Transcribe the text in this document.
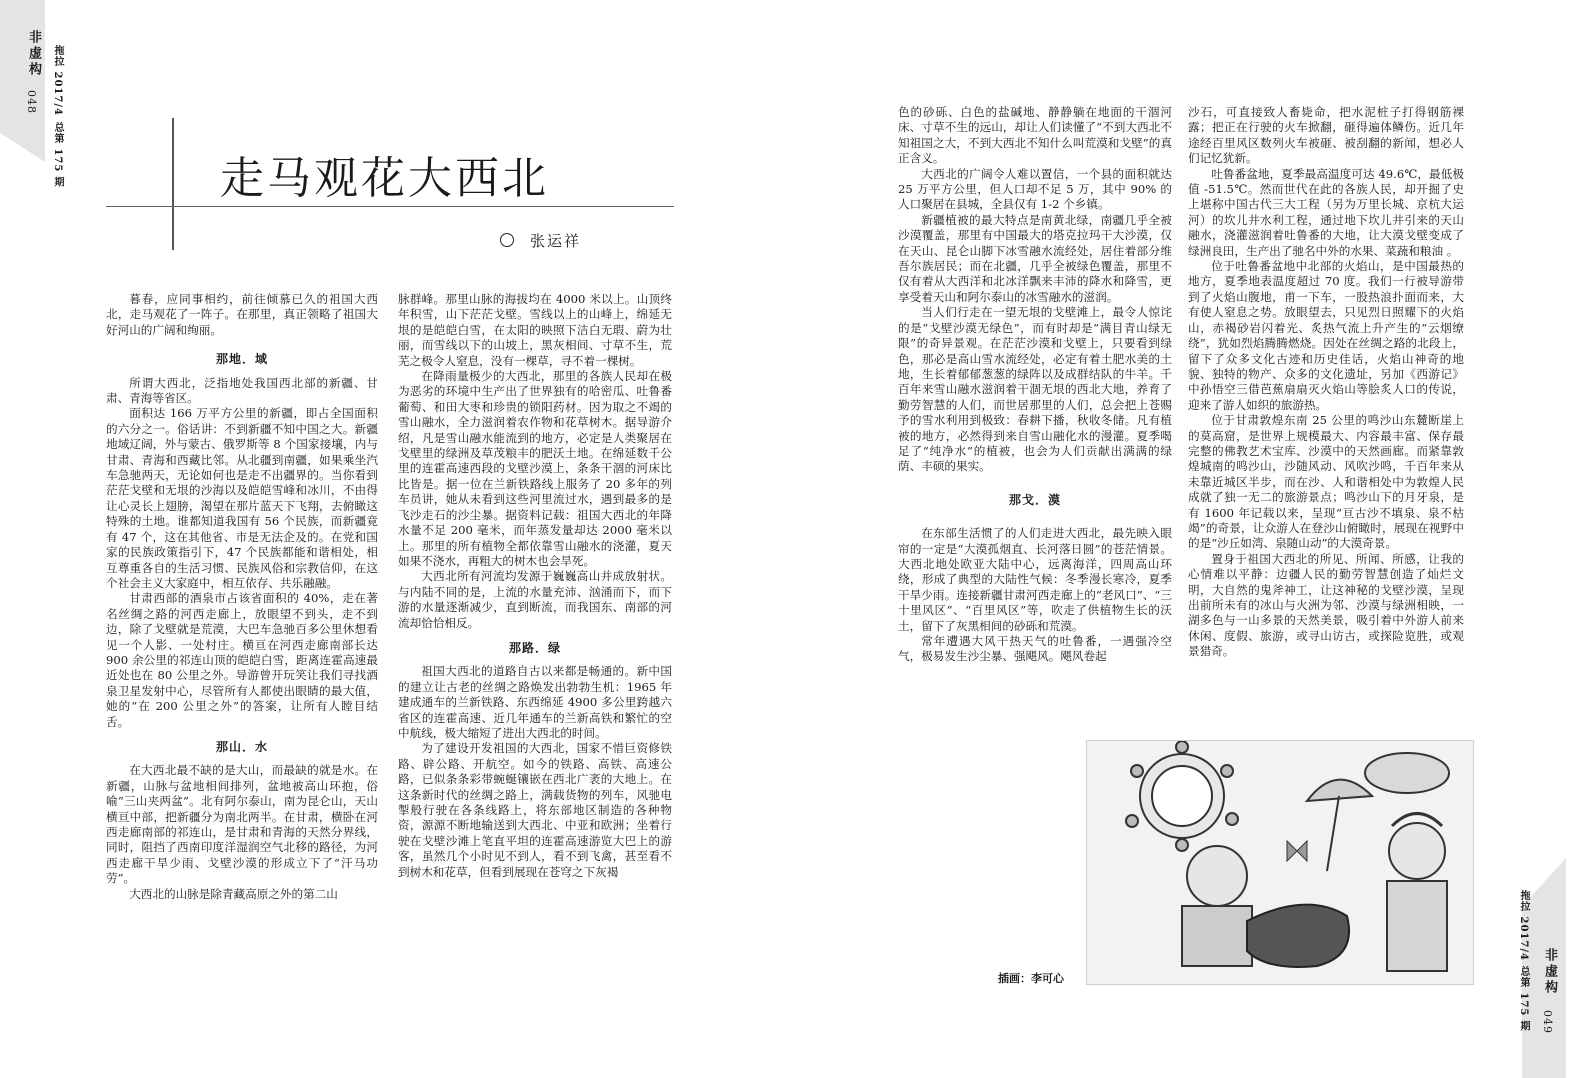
非虚构
048 拖拉 2017/4
总第 175 期	走马观花大西北
张运祥

暮春，应同事相约，前往倾慕已久的祖国大西北，走马观花了一阵子。在那里，真正领略了祖国大好河山的广阔和绚丽。

那地．域

所谓大西北，泛指地处我国西北部的新疆、甘肃、青海等省区。

面积达 166 万平方公里的新疆，即占全国面积的六分之一。俗话讲：不到新疆不知中国之大。新疆地域辽阔，外与蒙古、俄罗斯等 8 个国家接壤，内与甘肃、青海和西藏比邻。从北疆到南疆，如果乘坐汽车急驰两天，无论如何也是走不出疆界的。当你看到茫茫戈壁和无垠的沙海以及皑皑雪峰和冰川，不由得让心灵长上翅膀，渴望在那片蓝天下飞翔，去俯瞰这特殊的土地。谁都知道我国有 56 个民族，而新疆竟有 47 个，这在其他省、市是无法企及的。在党和国家的民族政策指引下，47 个民族都能和谐相处，相互尊重各自的生活习惯、民族风俗和宗教信仰，在这个社会主义大家庭中，相互依存、共乐融融。

甘肃西部的酒泉市占该省面积的 40%，走在著名丝绸之路的河西走廊上，放眼望不到头，走不到边，除了戈壁就是荒漠，大巴车急驰百多公里休想看见一个人影、一处村庄。横亘在河西走廊南部长达 900 余公里的祁连山顶的皑皑白雪，距离连霍高速最近处也在 80 公里之外。导游曾开玩笑让我们寻找酒泉卫星发射中心，尽管所有人都使出眼睛的最大值，她的“在 200 公里之外”的答案，让所有人瞠目结舌。

那山．水

在大西北最不缺的是大山，而最缺的就是水。在新疆，山脉与盆地相间排列，盆地被高山环抱，俗喻“三山夹两盆”。北有阿尔泰山，南为昆仑山，天山横亘中部，把新疆分为南北两半。在甘肃，横卧在河西走廊南部的祁连山，是甘肃和青海的天然分界线，同时，阻挡了西南印度洋湿润空气北移的路径，为河西走廊干旱少雨、戈壁沙漠的形成立下了“汗马功劳”。

大西北的山脉是除青藏高原之外的第二山

脉群峰。那里山脉的海拔均在 4000 米以上。山顶终年积雪，山下茫茫戈壁。雪线以上的山峰上，绵延无垠的是皑皑白雪，在太阳的映照下洁白无瑕、蔚为壮丽，而雪线以下的山坡上，黑灰相间、寸草不生，荒芜之极令人窒息，没有一棵草，寻不着一棵树。

在降雨量极少的大西北，那里的各族人民却在极为恶劣的环境中生产出了世界独有的哈密瓜、吐鲁番葡萄、和田大枣和珍贵的锁阳药材。因为取之不竭的雪山融水，全力滋润着农作物和花草树木。据导游介绍，凡是雪山融水能流到的地方，必定是人类聚居在戈壁里的绿洲及草茂粮丰的肥沃土地。在绵延数千公里的连霍高速西段的戈壁沙漠上，条条干涸的河床比比皆是。据一位在兰新铁路线上服务了 20 多年的列车员讲，她从未看到这些河里流过水，遇到最多的是飞沙走石的沙尘暴。据资料记载：祖国大西北的年降水量不足 200 毫米，而年蒸发量却达 2000 毫米以上。那里的所有植物全都依靠雪山融水的浇灌，夏天如果不浇水，再粗大的树木也会旱死。

大西北所有河流均发源于巍巍高山并成放射状。与内陆不同的是，上流的水量充沛、汹涌而下，而下游的水量逐渐减少，直到断流，而我国东、南部的河流却恰恰相反。

那路．绿

祖国大西北的道路自古以来都是畅通的。新中国的建立让古老的丝绸之路焕发出勃勃生机：1965 年建成通车的兰新铁路、东西绵延 4900 多公里跨越六省区的连霍高速、近几年通车的兰新高铁和繁忙的空中航线，极大缩短了进出大西北的时间。

为了建设开发祖国的大西北，国家不惜巨资修铁路、辟公路、开航空。如今的铁路、高铁、高速公路，已似条条彩带蜿蜒镶嵌在西北广袤的大地上。在这条新时代的丝绸之路上，满载货物的列车，风驰电掣般行驶在各条线路上，将东部地区制造的各种物资，源源不断地输送到大西北、中亚和欧洲；坐着行驶在戈壁沙滩上笔直平坦的连霍高速游览大巴上的游客，虽然几个小时见不到人，看不到飞禽，甚至看不到树木和花草，但看到展现在苍穹之下灰褐

色的砂砾、白色的盐碱地、静静躺在地面的干涸河床、寸草不生的远山，却让人们读懂了“不到大西北不知祖国之大，不到大西北不知什么叫荒漠和戈壁”的真正含义。

大西北的广阔令人难以置信，一个县的面积就达 25 万平方公里，但人口却不足 5 万，其中 90% 的人口聚居在县城，全县仅有 1-2 个乡镇。

新疆植被的最大特点是南黄北绿，南疆几乎全被沙漠覆盖，那里有中国最大的塔克拉玛干大沙漠，仅在天山、昆仑山脚下冰雪融水流经处，居住着部分维吾尔族居民；而在北疆，几乎全被绿色覆盖，那里不仅有着从大西洋和北冰洋飘来丰沛的降水和降雪，更享受着天山和阿尔泰山的冰雪融水的滋润。

当人们行走在一望无垠的戈壁滩上，最令人惊诧的是“戈壁沙漠无绿色”，而有时却是“满目青山绿无限”的奇异景观。在茫茫沙漠和戈壁上，只要看到绿色，那必是高山雪水流经处，必定有着土肥水美的土地，生长着郁郁葱葱的绿阵以及成群结队的牛羊。千百年来雪山融水滋润着干涸无垠的西北大地，养育了勤劳智慧的人们，而世居那里的人们，总会把上苍赐予的雪水利用到极致：春耕下播，秋收冬储。凡有植被的地方，必然得到来自雪山融化水的漫灌。夏季喝足了“纯净水”的植被，也会为人们贡献出满满的绿荫、丰硕的果实。

那戈．漠

在东部生活惯了的人们走进大西北，最先映入眼帘的一定是“大漠孤烟直、长河落日圆”的苍茫情景。大西北地处欧亚大陆中心，远离海洋，四周高山环绕，形成了典型的大陆性气候：冬季漫长寒冷，夏季干旱少雨。连接新疆甘肃河西走廊上的“老风口”、“三十里风区”、“百里风区”等，吹走了供植物生长的沃土，留下了灰黑相间的砂砾和荒漠。

常年遭遇大风干热天气的吐鲁番，一遇强冷空气，极易发生沙尘暴、强飓风。飓风卷起

沙石，可直接致人畜毙命，把水泥桩子打得钢筋裸露；把正在行驶的火车掀翻，砸得遍体鳞伤。近几年途经百里风区数列火车被砸、被刮翻的新闻，想必人们记忆犹新。

吐鲁番盆地，夏季最高温度可达 49.6℃，最低极值 -51.5℃。然而世代在此的各族人民，却开掘了史上堪称中国古代三大工程（另为万里长城、京杭大运河）的坎儿井水利工程，通过地下坎儿井引来的天山融水，浇灌滋润着吐鲁番的大地，让大漠戈壁变成了绿洲良田，生产出了驰名中外的水果、菜蔬和粮油 。

位于吐鲁番盆地中北部的火焰山，是中国最热的地方，夏季地表温度超过 70 度。我们一行被导游带到了火焰山腹地，甫一下车，一股热浪扑面而来，大有使人窒息之势。放眼望去，只见烈日照耀下的火焰山，赤褐砂岩闪着光、炙热气流上升产生的“云烟缭绕”，犹如烈焰腾腾燃烧。因处在丝绸之路的北段上，留下了众多文化古迹和历史佳话，火焰山神奇的地貌、独特的物产、众多的文化遗址，另加《西游记》中孙悟空三借芭蕉扇扇灭火焰山等脍炙人口的传说，迎来了游人如织的旅游热。

位于甘肃敦煌东南 25 公里的鸣沙山东麓断崖上的莫高窟，是世界上规模最大、内容最丰富、保存最完整的佛教艺术宝库、沙漠中的天然画廊。而紧靠敦煌城南的鸣沙山，沙随风动、风吹沙鸣，千百年来从未靠近城区半步，而在沙、人和谐相处中为敦煌人民成就了独一无二的旅游景点；鸣沙山下的月牙泉，是有 1600 年记载以来，呈现“亘古沙不填泉、泉不枯竭”的奇景，让众游人在登沙山俯瞰时，展现在视野中的是“沙丘如湾、泉随山动”的大漠奇景。

置身于祖国大西北的所见、所闻、所感，让我的心情难以平静：边疆人民的勤劳智慧创造了灿烂文明，大自然的鬼斧神工，让这神秘的戈壁沙漠，呈现出前所未有的冰山与火洲为邻、沙漠与绿洲相映，一湖多色与一山多景的天然美景，吸引着中外游人前来休闲、度假、旅游，或寻山访古，或探险览胜，或观景猎奇。

插画：李可心
拖拉 2017/4
总第 175 期 非虚构
049
